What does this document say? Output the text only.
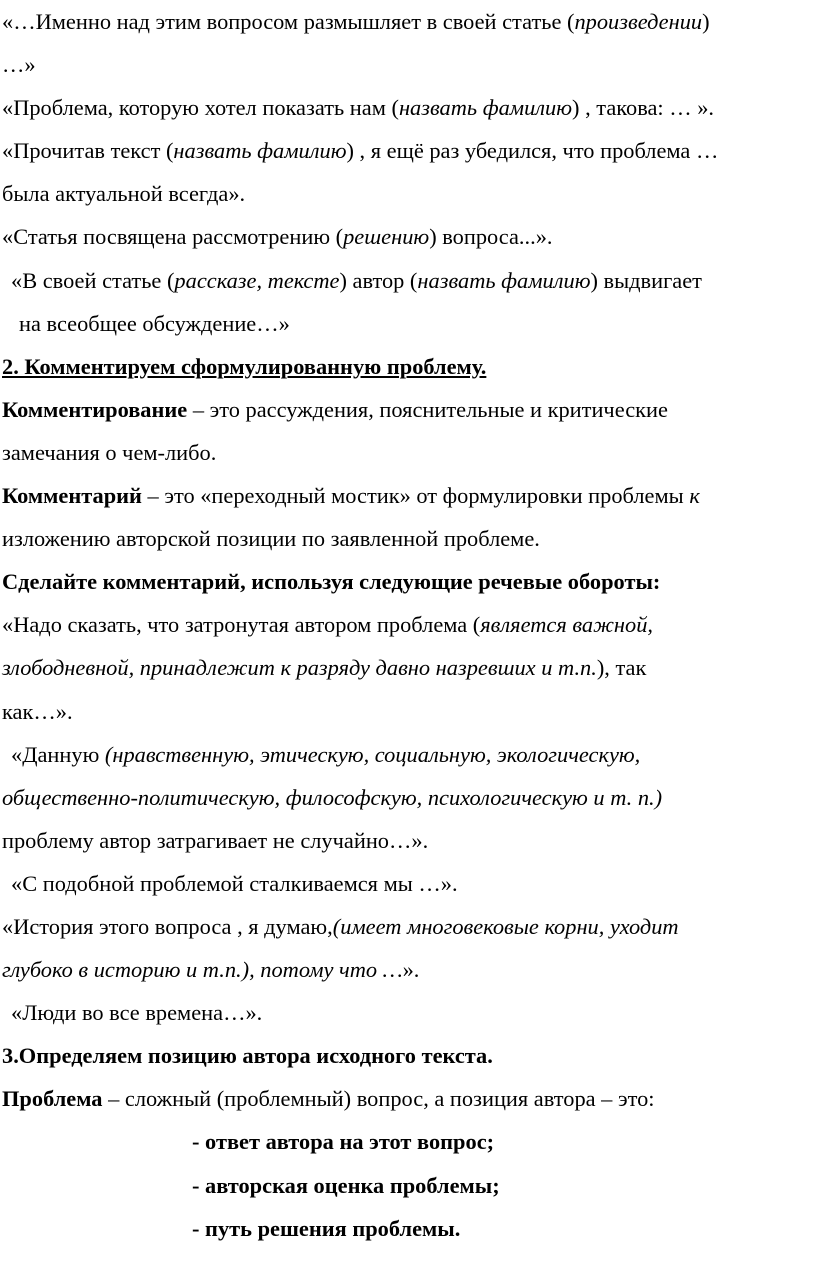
«…Именно над этим вопросом размышляет в своей статье (произведении)

…»

«Проблема, которую хотел показать нам (назвать фамилию) , такова: … ».

«Прочитав текст (назвать фамилию) , я ещё раз убедился, что проблема …

была актуальной всегда».

«Статья посвящена рассмотрению (решению) вопроса...».

«В своей статье (рассказе, тексте) автор (назвать фамилию) выдвигает

на всеобщее обсуждение…»

2. Комментируем сформулированную проблему.

Комментирование – это рассуждения, пояснительные и критические

замечания о чем-либо.

Комментарий – это «переходный мостик» от формулировки проблемы к

изложению авторской позиции по заявленной проблеме.

Сделайте комментарий, используя следующие речевые обороты:

«Надо сказать, что затронутая автором проблема (является важной,

злободневной, принадлежит к разряду давно назревших и т.п.), так

как…».

«Данную (нравственную, этическую, социальную, экологическую,

общественно-политическую, философскую, психологическую и т. п.)

проблему автор затрагивает не случайно…».

«С подобной проблемой сталкиваемся мы …».

«История этого вопроса , я думаю,(имеет многовековые корни, уходит

глубоко в историю и т.п.), потому что …».

«Люди во все времена…».

3.Определяем позицию автора исходного текста.

Проблема – сложный (проблемный) вопрос, а позиция автора – это:

- ответ автора на этот вопрос;

- авторская оценка проблемы;

- путь решения проблемы.
